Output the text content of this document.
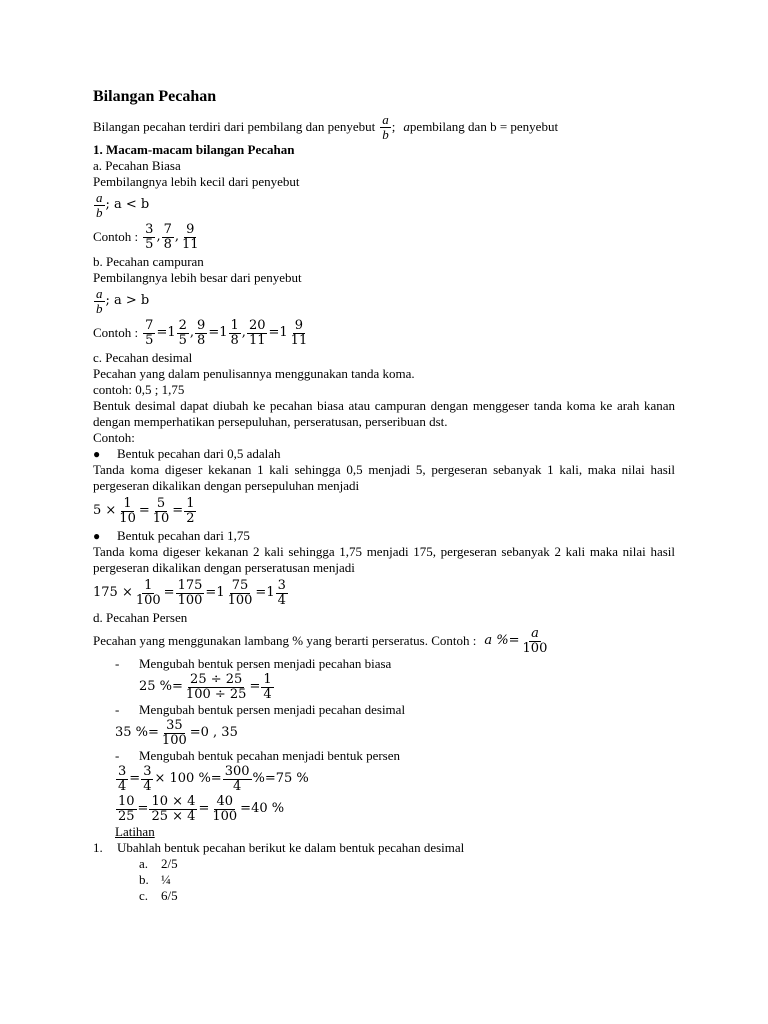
Bilangan Pecahan
Bilangan pecahan terdiri dari pembilang dan penyebut $\frac{a}{b}$ ; a pembilang dan b = penyebut
1. Macam-macam bilangan Pecahan
a. Pecahan Biasa
Pembilangnya lebih kecil dari penyebut
$\frac{a}{b}$ ; a < b
Contoh : $\frac{3}{5}$ , $\frac{7}{8}$ , $\frac{9}{11}$
b. Pecahan campuran
Pembilangnya lebih besar dari penyebut
$\frac{a}{b}$ ; a > b
Contoh : $\frac{7}{5} = 1 \frac{2}{5}$ , $\frac{9}{8} = 1 \frac{1}{8}$ , $\frac{20}{11} = 1 \frac{9}{11}$
c. Pecahan desimal
Pecahan yang dalam penulisannya menggunakan tanda koma.
contoh: 0,5 ; 1,75
Bentuk desimal dapat diubah ke pecahan biasa atau campuran dengan menggeser tanda koma ke arah kanan dengan memperhatikan persepuluhan, perseratusan, perseribuan dst.
Contoh:
●	Bentuk pecahan dari 0,5 adalah
Tanda koma digeser kekanan 1 kali sehingga 0,5 menjadi 5, pergeseran sebanyak 1 kali, maka nilai hasil pergeseran dikalikan dengan persepuluhan menjadi
$5 \times \frac{1}{10} = \frac{5}{10} = \frac{1}{2}$
●	Bentuk pecahan dari 1,75
Tanda koma digeser kekanan 2 kali sehingga 1,75 menjadi 175, pergeseran sebanyak 2 kali maka nilai hasil pergeseran dikalikan dengan perseratusan menjadi
$175 \times \frac{1}{100} = \frac{175}{100} = 1 \frac{75}{100} = 1 \frac{3}{4}$
d. Pecahan Persen
Pecahan yang menggunakan lambang % yang berarti perseratus. Contoh : a %= $\frac{a}{100}$
-	Mengubah bentuk persen menjadi pecahan biasa
25 %= $\frac{25 \div 25}{100 \div 25} = \frac{1}{4}$
-	Mengubah bentuk persen menjadi pecahan desimal
35 %= $\frac{35}{100} =0$ , 35
-	Mengubah bentuk pecahan menjadi bentuk persen
$\frac{3}{4} = \frac{3}{4} \times 100$ %= $\frac{300}{4} \%=75$ %
$\frac{10}{25} = \frac{10 \times 4}{25 \times 4} = \frac{40}{100} =40$ %
Latihan
1.	Ubahlah bentuk pecahan berikut ke dalam bentuk pecahan desimal
a. 2/5
b. ¼
c. 6/5
